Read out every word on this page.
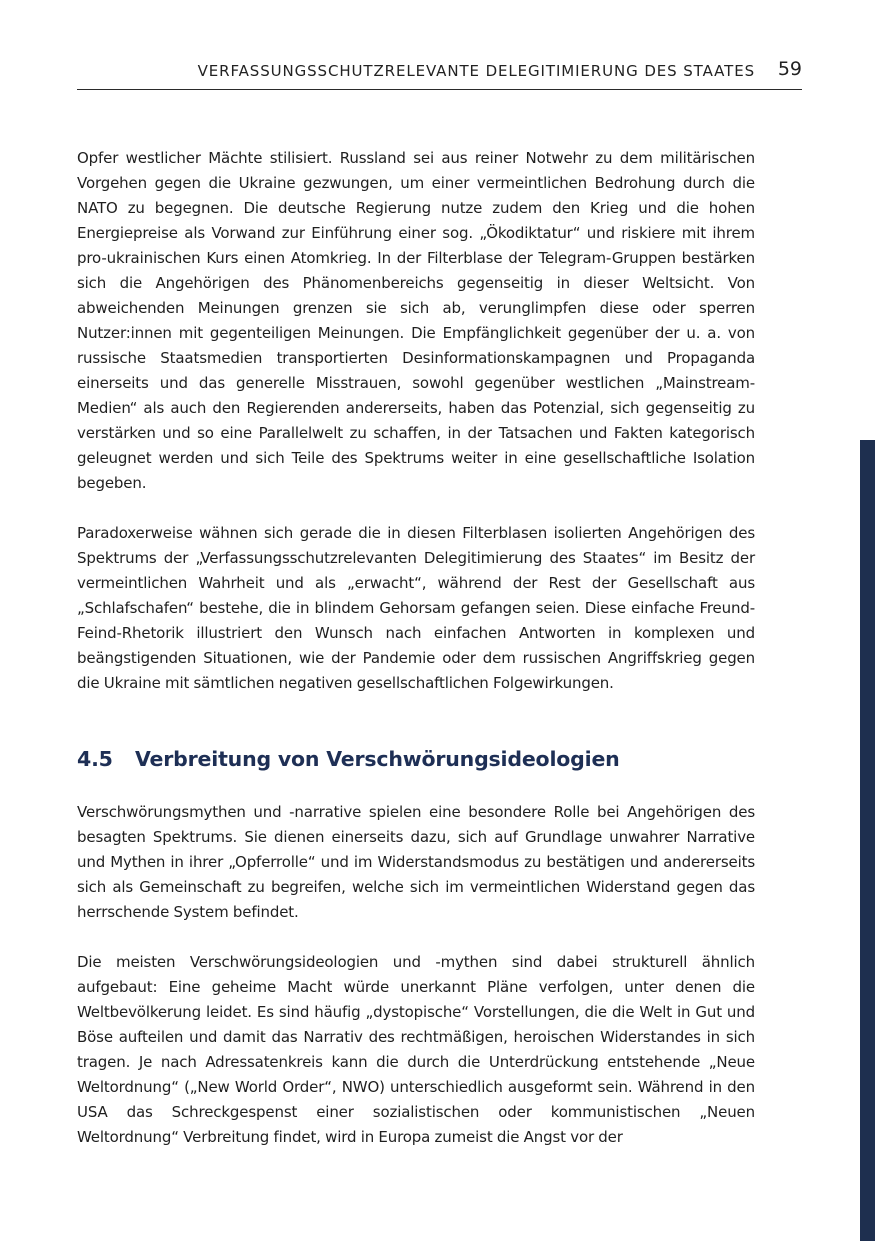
VERFASSUNGSSCHUTZRELEVANTE DELEGITIMIERUNG DES STAATES 59

Opfer westlicher Mächte stilisiert. Russland sei aus reiner Notwehr zu dem militärischen Vorgehen gegen die Ukraine gezwungen, um einer vermeintlichen Bedrohung durch die NATO zu begegnen. Die deutsche Regierung nutze zudem den Krieg und die hohen Energiepreise als Vorwand zur Einführung einer sog. „Ökodiktatur“ und riskiere mit ihrem pro-ukrainischen Kurs einen Atomkrieg. In der Filterblase der Telegram-Gruppen bestärken sich die Angehörigen des Phänomenbereichs gegenseitig in dieser Weltsicht. Von abweichenden Meinungen grenzen sie sich ab, verunglimpfen diese oder sperren Nutzer:innen mit gegenteiligen Meinungen. Die Empfänglichkeit gegenüber der u. a. von russische Staatsmedien transportierten Desinformationskampagnen und Propaganda einerseits und das generelle Misstrauen, sowohl gegenüber westlichen „Mainstream-Medien“ als auch den Regierenden andererseits, haben das Potenzial, sich gegenseitig zu verstärken und so eine Parallelwelt zu schaffen, in der Tatsachen und Fakten kategorisch geleugnet werden und sich Teile des Spektrums weiter in eine gesellschaftliche Isolation begeben.

Paradoxerweise wähnen sich gerade die in diesen Filterblasen isolierten Angehörigen des Spektrums der „Verfassungsschutzrelevanten Delegitimierung des Staates“ im Besitz der vermeintlichen Wahrheit und als „erwacht“, während der Rest der Gesellschaft aus „Schlafschafen“ bestehe, die in blindem Gehorsam gefangen seien. Diese einfache Freund-Feind-Rhetorik illustriert den Wunsch nach einfachen Antworten in komplexen und beängstigenden Situationen, wie der Pandemie oder dem russischen Angriffskrieg gegen die Ukraine mit sämtlichen negativen gesellschaftlichen Folgewirkungen.

4.5	Verbreitung von Verschwörungsideologien

Verschwörungsmythen und -narrative spielen eine besondere Rolle bei Angehörigen des besagten Spektrums. Sie dienen einerseits dazu, sich auf Grundlage unwahrer Narrative und Mythen in ihrer „Opferrolle“ und im Widerstandsmodus zu bestätigen und andererseits sich als Gemeinschaft zu begreifen, welche sich im vermeintlichen Widerstand gegen das herrschende System befindet.

Die meisten Verschwörungsideologien und -mythen sind dabei strukturell ähnlich aufgebaut: Eine geheime Macht würde unerkannt Pläne verfolgen, unter denen die Weltbevölkerung leidet. Es sind häufig „dystopische“ Vorstellungen, die die Welt in Gut und Böse aufteilen und damit das Narrativ des rechtmäßigen, heroischen Widerstandes in sich tragen. Je nach Adressatenkreis kann die durch die Unterdrückung entstehende „Neue Weltordnung“ („New World Order“, NWO) unterschiedlich ausgeformt sein. Während in den USA das Schreckgespenst einer sozialistischen oder kommunistischen „Neuen Weltordnung“ Verbreitung findet, wird in Europa zumeist die Angst vor der
